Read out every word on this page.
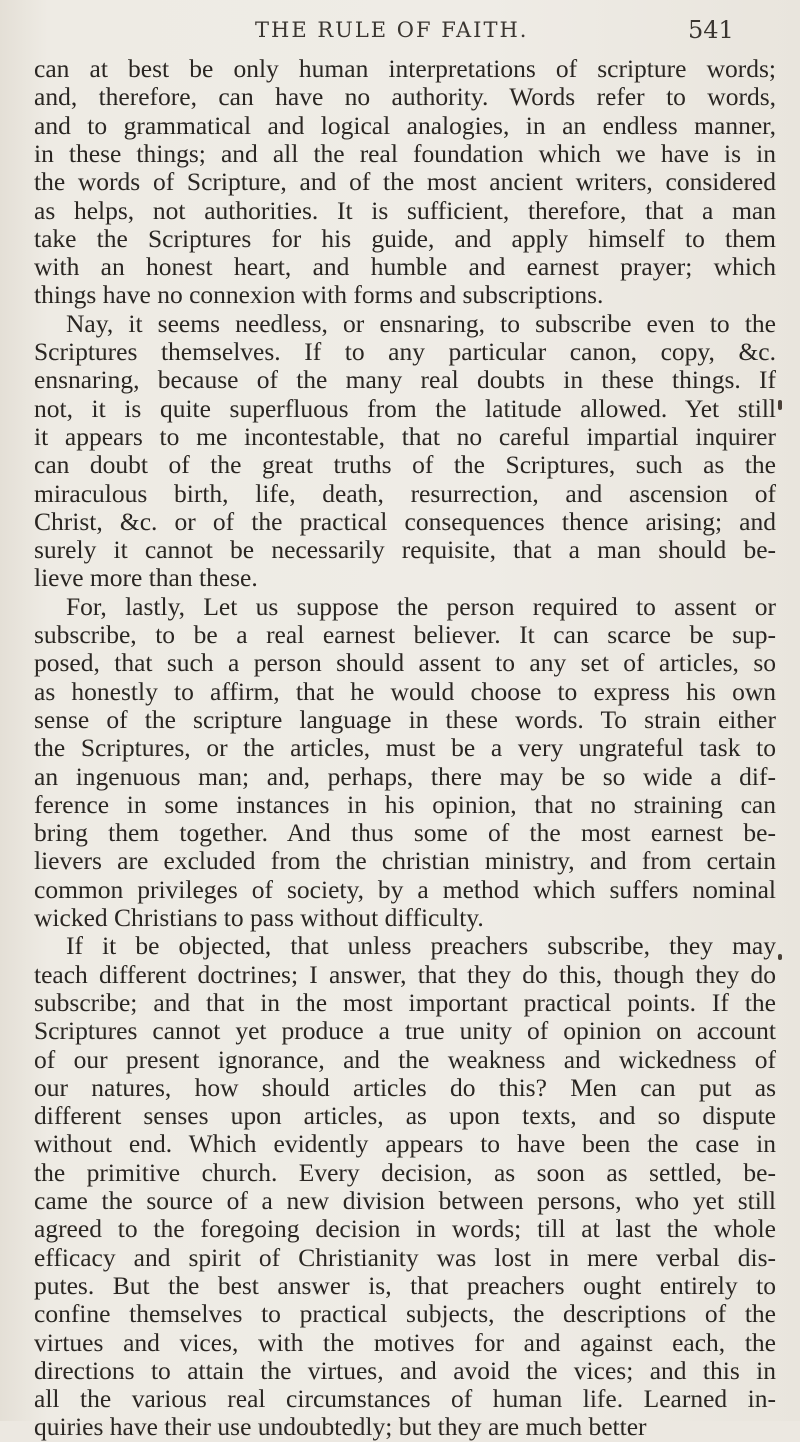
THE RULE OF FAITH.	541
can at best be only human interpretations of scripture words;
and, therefore, can have no authority. Words refer to words,
and to grammatical and logical analogies, in an endless manner,
in these things; and all the real foundation which we have is in
the words of Scripture, and of the most ancient writers, considered
as helps, not authorities. It is sufficient, therefore, that a man
take the Scriptures for his guide, and apply himself to them
with an honest heart, and humble and earnest prayer; which
things have no connexion with forms and subscriptions.
Nay, it seems needless, or ensnaring, to subscribe even to the
Scriptures themselves. If to any particular canon, copy, &c.
ensnaring, because of the many real doubts in these things. If
not, it is quite superfluous from the latitude allowed. Yet still
it appears to me incontestable, that no careful impartial inquirer
can doubt of the great truths of the Scriptures, such as the
miraculous birth, life, death, resurrection, and ascension of
Christ, &c. or of the practical consequences thence arising; and
surely it cannot be necessarily requisite, that a man should be-
lieve more than these.
For, lastly, Let us suppose the person required to assent or
subscribe, to be a real earnest believer. It can scarce be sup-
posed, that such a person should assent to any set of articles, so
as honestly to affirm, that he would choose to express his own
sense of the scripture language in these words. To strain either
the Scriptures, or the articles, must be a very ungrateful task to
an ingenuous man; and, perhaps, there may be so wide a dif-
ference in some instances in his opinion, that no straining can
bring them together. And thus some of the most earnest be-
lievers are excluded from the christian ministry, and from certain
common privileges of society, by a method which suffers nominal
wicked Christians to pass without difficulty.
If it be objected, that unless preachers subscribe, they may
teach different doctrines; I answer, that they do this, though they do
subscribe; and that in the most important practical points. If the
Scriptures cannot yet produce a true unity of opinion on account
of our present ignorance, and the weakness and wickedness of
our natures, how should articles do this? Men can put as
different senses upon articles, as upon texts, and so dispute
without end. Which evidently appears to have been the case in
the primitive church. Every decision, as soon as settled, be-
came the source of a new division between persons, who yet still
agreed to the foregoing decision in words; till at last the whole
efficacy and spirit of Christianity was lost in mere verbal dis-
putes. But the best answer is, that preachers ought entirely to
confine themselves to practical subjects, the descriptions of the
virtues and vices, with the motives for and against each, the
directions to attain the virtues, and avoid the vices; and this in
all the various real circumstances of human life. Learned in-
quiries have their use undoubtedly; but they are much better
